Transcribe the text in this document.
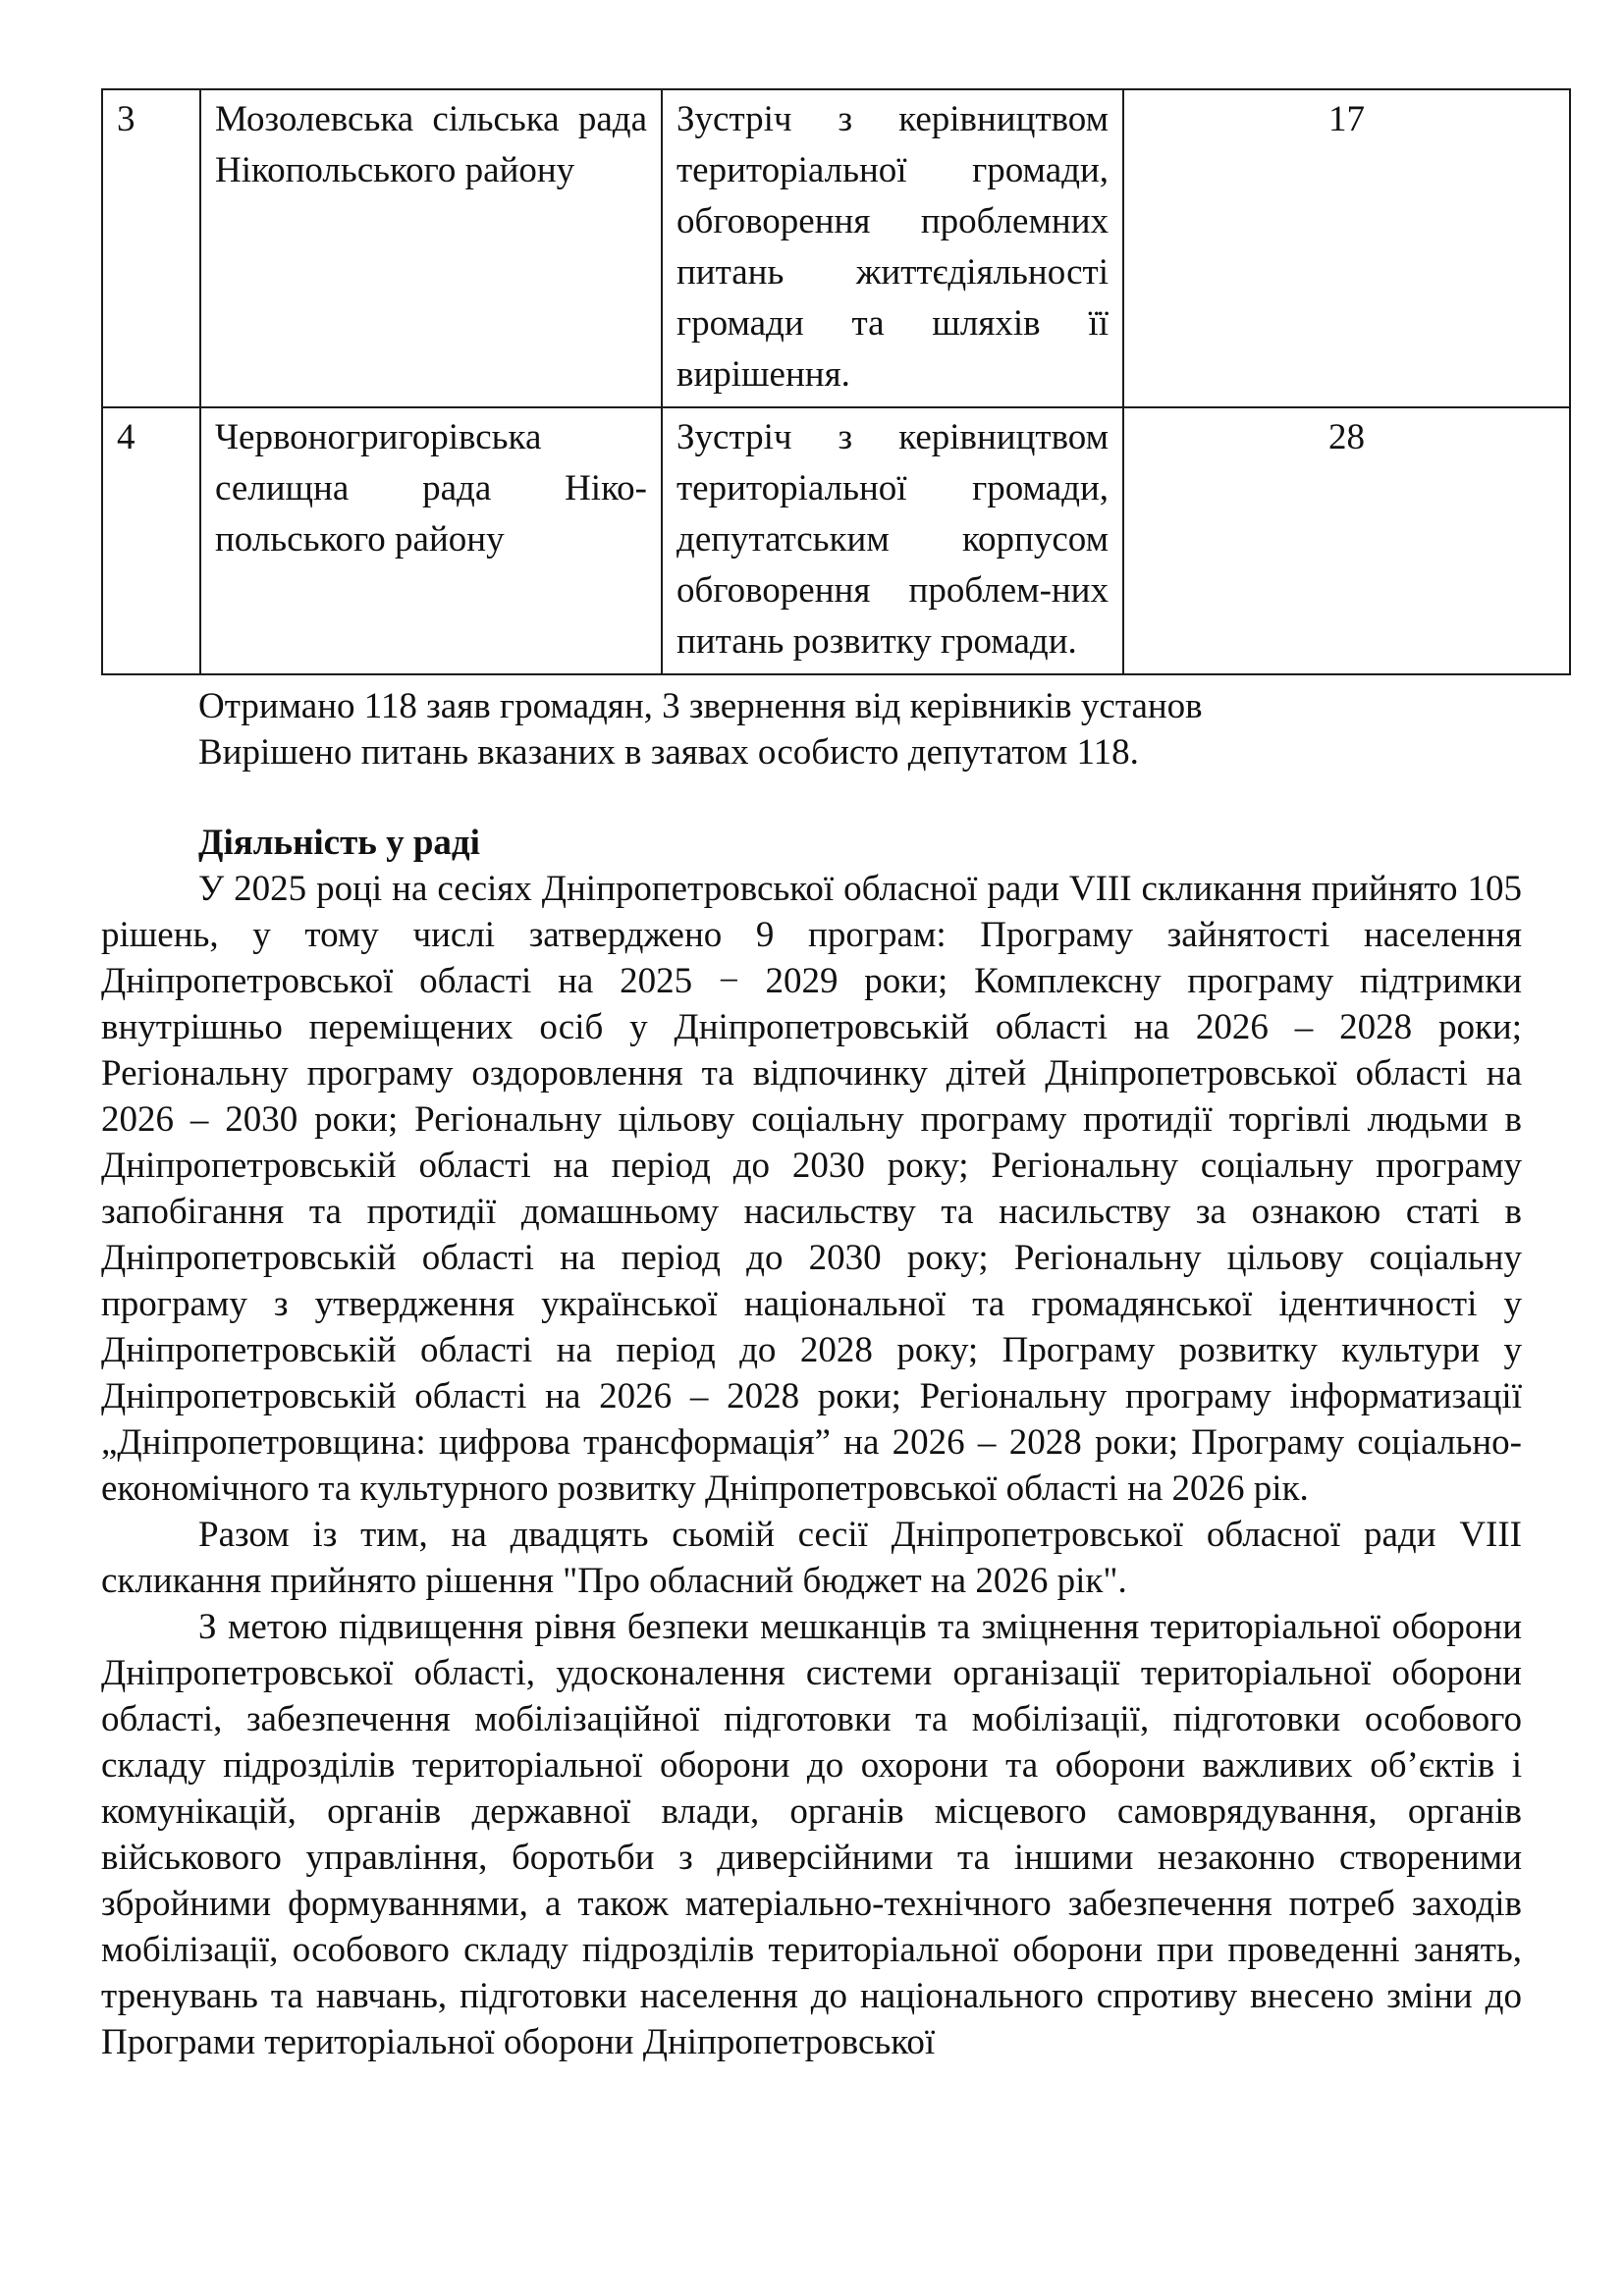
3	Мозолевська сільська рада Нікопольського району	Зустріч з керівництвом територіальної громади, обговорення проблемних питань життєдіяльності громади та шляхів її вирішення.	17
4	Червоногригорівська селищна рада Ніко-польського району	Зустріч з керівництвом територіальної громади, депутатським корпусом обговорення проблем-них питань розвитку громади.	28

Отримано 118 заяв громадян, 3 звернення від керівників установ

Вирішено питань вказаних в заявах особисто депутатом 118.

Діяльність у раді

У 2025 році на сесіях Дніпропетровської обласної ради VIII скликання прийнято 105 рішень, у тому числі затверджено 9 програм: Програму зайнятості населення Дніпропетровської області на 2025 − 2029 роки; Комплексну програму підтримки внутрішньо переміщених осіб у Дніпропетровській області на 2026 – 2028 роки; Регіональну програму оздоровлення та відпочинку дітей Дніпропетровської області на 2026 – 2030 роки; Регіональну цільову соціальну програму протидії торгівлі людьми в Дніпропетровській області на період до 2030 року; Регіональну соціальну програму запобігання та протидії домашньому насильству та насильству за ознакою статі в Дніпропетровській області на період до 2030 року; Регіональну цільову соціальну програму з утвердження української національної та громадянської ідентичності у Дніпропетровській області на період до 2028 року; Програму розвитку культури у Дніпропетровській області на 2026 – 2028 роки; Регіональну програму інформатизації „Дніпропетровщина: цифрова трансформація” на 2026 – 2028 роки; Програму соціально-економічного та культурного розвитку Дніпропетровської області на 2026 рік.

Разом із тим, на двадцять сьомій сесії Дніпропетровської обласної ради VIII скликання прийнято рішення "Про обласний бюджет на 2026 рік".

З метою підвищення рівня безпеки мешканців та зміцнення територіальної оборони Дніпропетровської області, удосконалення системи організації територіальної оборони області, забезпечення мобілізаційної підготовки та мобілізації, підготовки особового складу підрозділів територіальної оборони до охорони та оборони важливих об’єктів і комунікацій, органів державної влади, органів місцевого самоврядування, органів військового управління, боротьби з диверсійними та іншими незаконно створеними збройними формуваннями, а також матеріально-технічного забезпечення потреб заходів мобілізації, особового складу підрозділів територіальної оборони при проведенні занять, тренувань та навчань, підготовки населення до національного спротиву внесено зміни до Програми територіальної оборони Дніпропетровської
